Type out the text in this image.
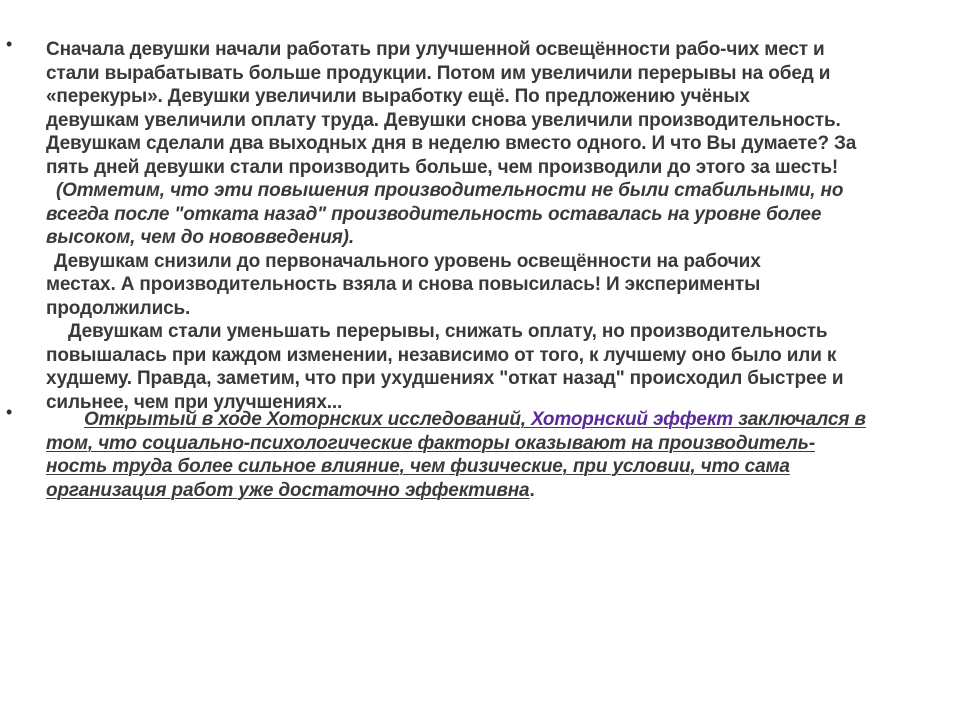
• Сначала девушки начали работать при улучшенной освещённости рабо-чих мест и
стали вырабатывать больше продукции. Потом им увеличили перерывы на обед и
«перекуры». Девушки увеличили выработку ещё. По предложению учёных
девушкам увеличили оплату труда. Девушки снова увеличили производительность.
Девушкам сделали два выходных дня в неделю вместо одного. И что Вы думаете? За
пять дней девушки стали производить больше, чем производили до этого за шесть!
(Отметим, что эти повышения производительности не были стабильными, но
всегда после "отката назад" производительность оставалась на уровне более
высоком, чем до нововведения).
Девушкам снизили до первоначального уровень освещённости на рабочих
местах. А производительность взяла и снова повысилась! И эксперименты
продолжились.
Девушкам стали уменьшать перерывы, снижать оплату, но производительность
повышалась при каждом изменении, независимо от того, к лучшему оно было или к
худшему. Правда, заметим, что при ухудшениях "откат назад" происходил быстрее и
сильнее, чем при улучшениях...
•	Открытый в ходе Хоторнских исследований, Хоторнский эффект заключался в
том, что социально-психологические факторы оказывают на производитель-
ность труда более сильное влияние, чем физические, при условии, что сама
организация работ уже достаточно эффективна.
